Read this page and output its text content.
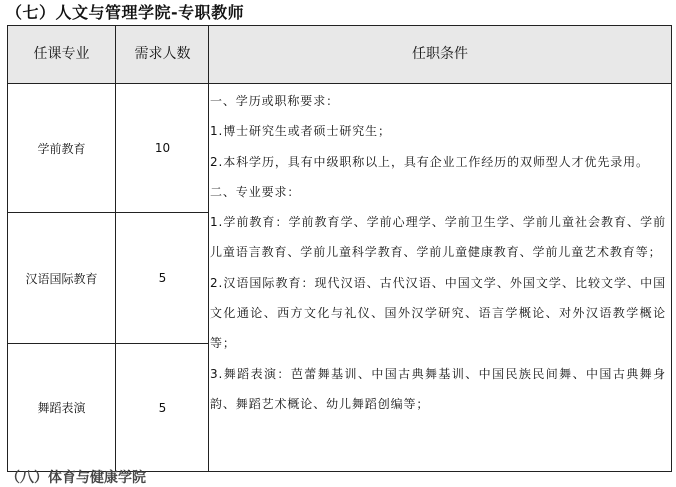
（七）人文与管理学院-专职教师
任课专业	需求人数	任职条件
学前教育	10
汉语国际教育	5
舞蹈表演	5
一、学历或职称要求：
1.博士研究生或者硕士研究生；
2.本科学历，具有中级职称以上，具有企业工作经历的双师型人才优先录用。
二、专业要求：
1.学前教育：学前教育学、学前心理学、学前卫生学、学前儿童社会教育、学前儿童语言教育、学前儿童科学教育、学前儿童健康教育、学前儿童艺术教育等；
2.汉语国际教育：现代汉语、古代汉语、中国文学、外国文学、比较文学、中国文化通论、西方文化与礼仪、国外汉学研究、语言学概论、对外汉语教学概论等；
3.舞蹈表演：芭蕾舞基训、中国古典舞基训、中国民族民间舞、中国古典舞身韵、舞蹈艺术概论、幼儿舞蹈创编等；
（八）体育与健康学院
